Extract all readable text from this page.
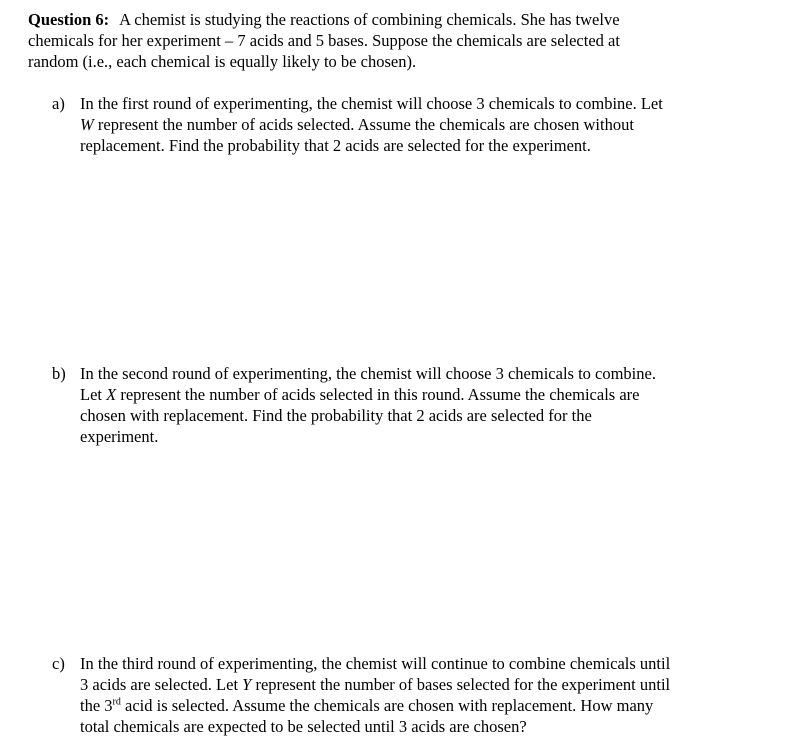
Question 6: A chemist is studying the reactions of combining chemicals. She has twelve

chemicals for her experiment – 7 acids and 5 bases. Suppose the chemicals are selected at

random (i.e., each chemical is equally likely to be chosen).

a) In the first round of experimenting, the chemist will choose 3 chemicals to combine. Let

W represent the number of acids selected. Assume the chemicals are chosen without

replacement. Find the probability that 2 acids are selected for the experiment.

b) In the second round of experimenting, the chemist will choose 3 chemicals to combine.

Let X represent the number of acids selected in this round. Assume the chemicals are

chosen with replacement. Find the probability that 2 acids are selected for the

experiment.

c) In the third round of experimenting, the chemist will continue to combine chemicals until

3 acids are selected. Let Y represent the number of bases selected for the experiment until

the 3rd acid is selected. Assume the chemicals are chosen with replacement. How many

total chemicals are expected to be selected until 3 acids are chosen?
